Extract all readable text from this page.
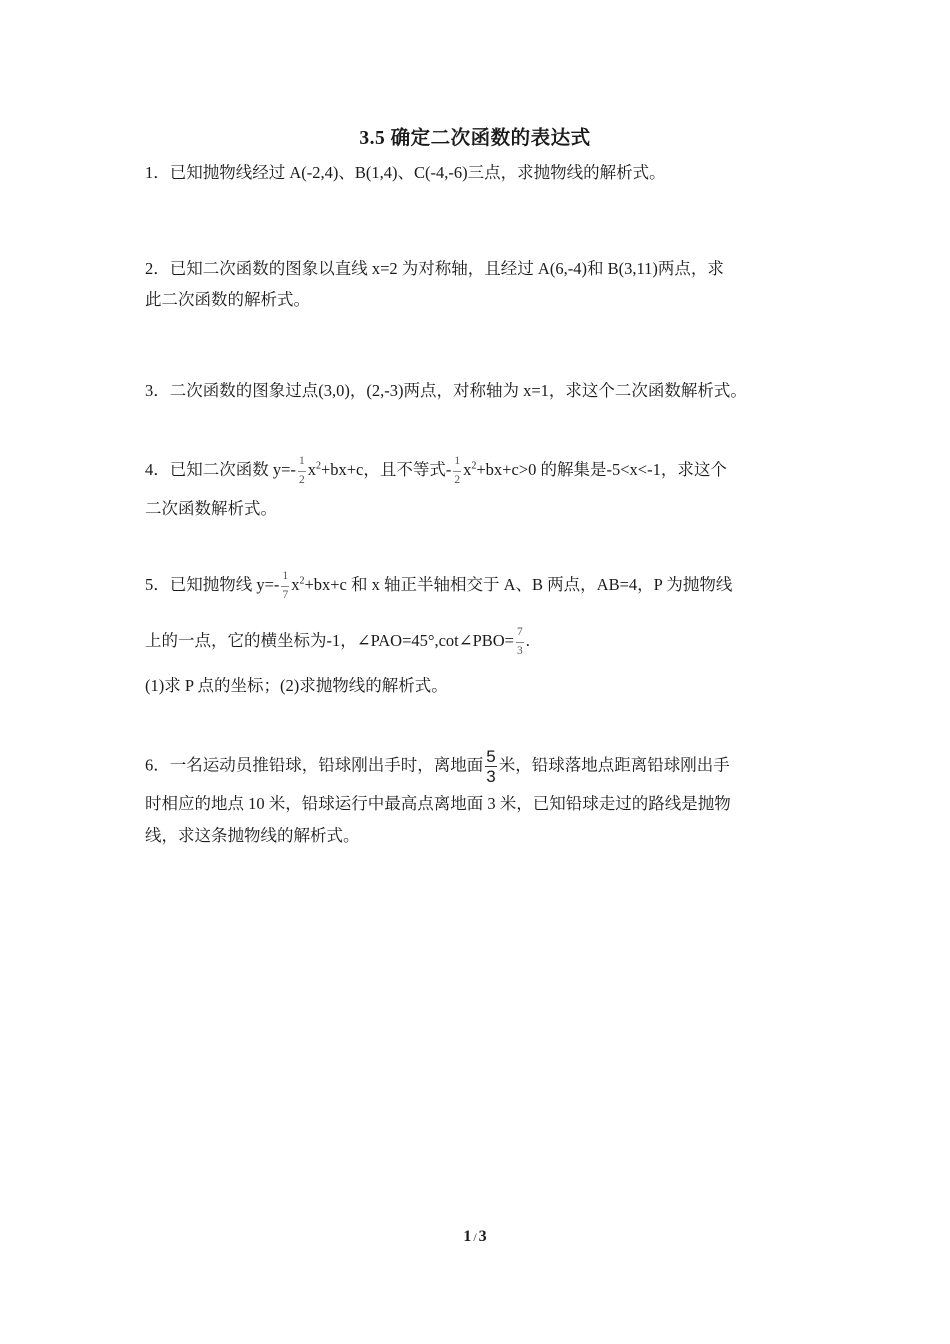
3.5 确定二次函数的表达式
1．已知抛物线经过 A(-2,4)、B(1,4)、C(-4,-6)三点，求抛物线的解析式。
2．已知二次函数的图象以直线 x=2 为对称轴，且经过 A(6,-4)和 B(3,11)两点，求
此二次函数的解析式。
3．二次函数的图象过点(3,0)，(2,-3)两点，对称轴为 x=1，求这个二次函数解析式。
4．已知二次函数 $y=- \frac{1}{2} x^2+bx+c$，且不等式- $\frac{1}{2} x^2+bx+c>0$ 的解集是-5<x<-1，求这个
二次函数解析式。
5．已知抛物线 $y=- \frac{1}{7} x^2+bx+c$ 和 x 轴正半轴相交于 A、B 两点，AB=4，P 为抛物线
上的一点，它的横坐标为-1，∠PAO=45°,cot∠PBO= $\frac{7}{3}$ .
(1)求 P 点的坐标；(2)求抛物线的解析式。
6．一名运动员推铅球，铅球刚出手时，离地面 $\frac{5}{3}$ 米，铅球落地点距离铅球刚出手
时相应的地点 10 米，铅球运行中最高点离地面 3 米，已知铅球走过的路线是抛物
线，求这条抛物线的解析式。
1 / 3
